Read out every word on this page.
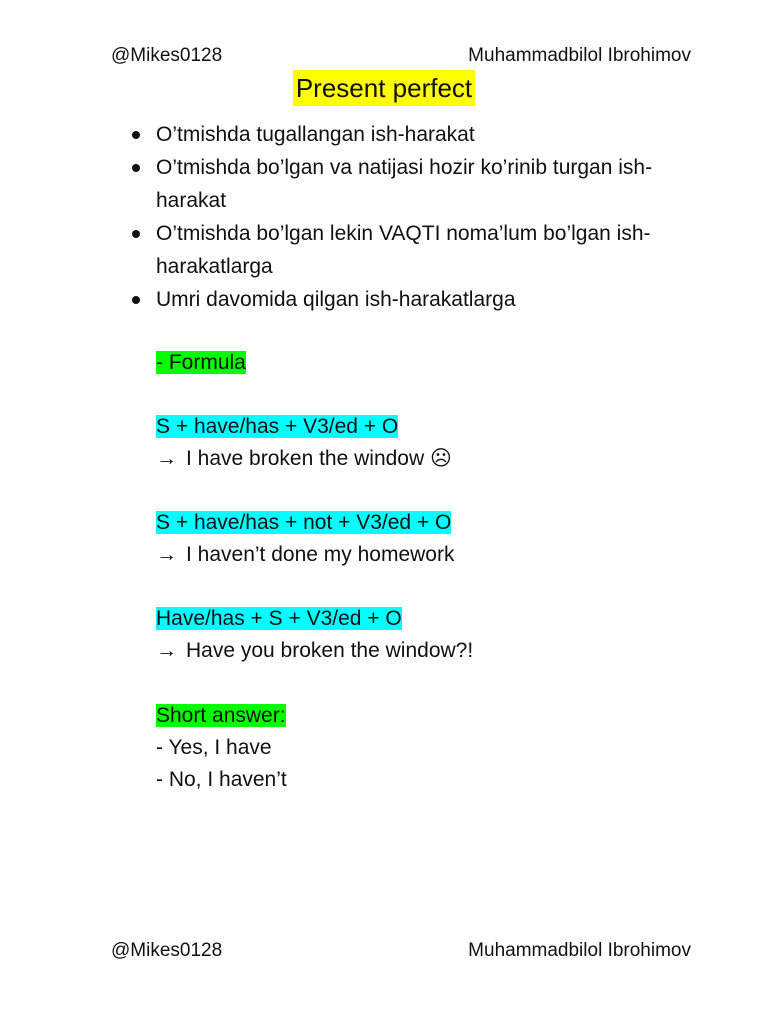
@Mikes0128	Muhammadbilol Ibrohimov
Present perfect
O’tmishda tugallangan ish-harakat
O’tmishda bo’lgan va natijasi hozir ko’rinib turgan ish-harakat
O’tmishda bo’lgan lekin VAQTI noma’lum bo’lgan ish-harakatlarga
Umri davomida qilgan ish-harakatlarga
- Formula
S + have/has + V3/ed + O
→ I have broken the window ☹
S + have/has + not + V3/ed + O
→ I haven’t done my homework
Have/has + S + V3/ed + O
→ Have you broken the window?!
Short answer:
- Yes, I have
- No, I haven’t
@Mikes0128	Muhammadbilol Ibrohimov
